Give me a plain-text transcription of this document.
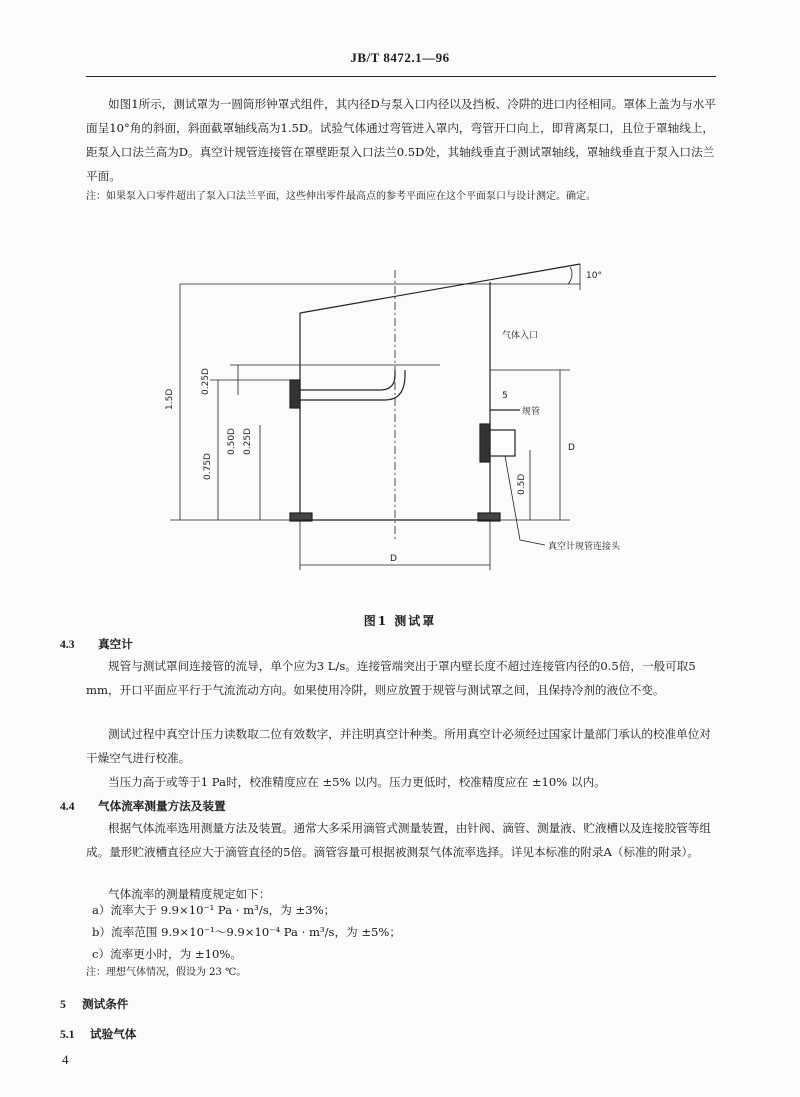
JB/T 8472.1—96
如图1所示，测试罩为一圆筒形钟罩式组件，其内径D与泵入口内径以及挡板、冷阱的进口内径相同。罩体上盖为与水平面呈10°角的斜面，斜面截罩轴线高为1.5D。试验气体通过弯管进入罩内，弯管开口向上，即背离泵口，且位于罩轴线上，距泵入口法兰高为D。真空计规管连接管在罩壁距泵入口法兰0.5D处，其轴线垂直于测试罩轴线，罩轴线垂直于泵入口法兰平面。
注：如果泵入口零件超出了泵入口法兰平面，这些伸出零件最高点的参考平面应在这个平面泵口与设计测定。确定。
10°
气体入口
规管
1.5D
0.25D
0.75D
0.50D 0.25D	D
5
0.5D
D
真空计规管连接头
图1 测试罩
4.3 真空计
规管与测试罩间连接管的流导，单个应为3 L/s。连接管端突出于罩内壁长度不超过连接管内径的0.5倍，一般可取5 mm，开口平面应平行于气流流动方向。如果使用冷阱，则应放置于规管与测试罩之间，且保持冷剂的液位不变。
测试过程中真空计压力读数取二位有效数字，并注明真空计种类。所用真空计必须经过国家计量部门承认的校准单位对干燥空气进行校准。
当压力高于或等于1 Pa时，校准精度应在 ±5% 以内。压力更低时，校准精度应在 ±10% 以内。
4.4 气体流率测量方法及装置
根据气体流率选用测量方法及装置。通常大多采用滴管式测量装置，由针阀、滴管、测量液、贮液槽以及连接胶管等组成。量形贮液槽直径应大于滴管直径的5倍。滴管容量可根据被测泵气体流率选择。详见本标准的附录A（标准的附录）。
气体流率的测量精度规定如下：
a）流率大于 9.9×10⁻¹ Pa · m³/s，为 ±3%；
b）流率范围 9.9×10⁻¹～9.9×10⁻⁴ Pa · m³/s，为 ±5%；
c）流率更小时，为 ±10%。
注：理想气体情况，假设为 23 ℃。
5 测试条件
5.1 试验气体
4
